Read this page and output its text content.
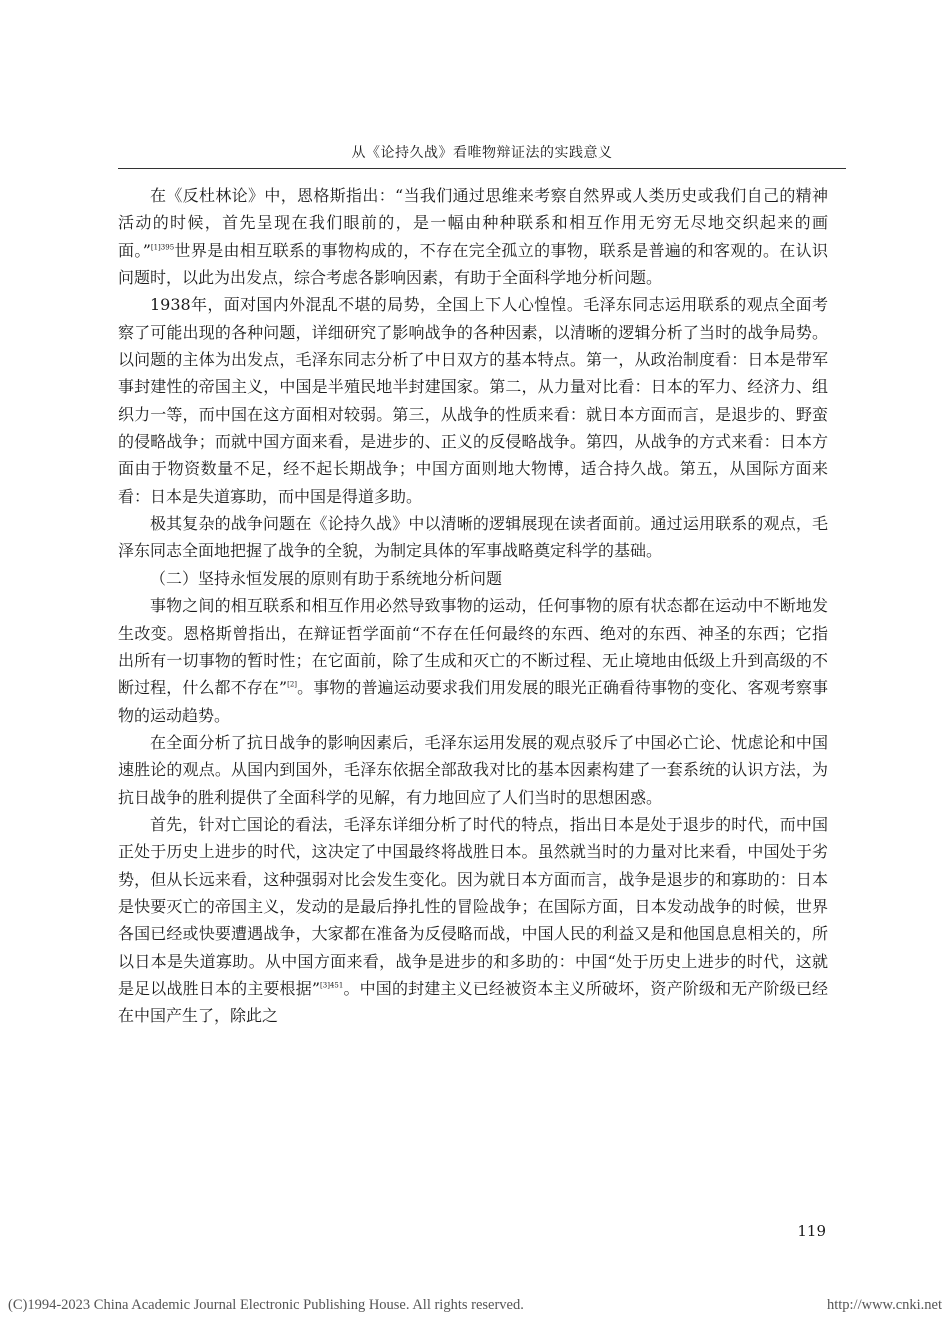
从《论持久战》看唯物辩证法的实践意义

在《反杜林论》中，恩格斯指出：“当我们通过思维来考察自然界或人类历史或我们自己的精神活动的时候，首先呈现在我们眼前的，是一幅由种种联系和相互作用无穷无尽地交织起来的画面。”$^{[1]395}$世界是由相互联系的事物构成的，不存在完全孤立的事物，联系是普遍的和客观的。在认识问题时，以此为出发点，综合考虑各影响因素，有助于全面科学地分析问题。

1938年，面对国内外混乱不堪的局势，全国上下人心惶惶。毛泽东同志运用联系的观点全面考察了可能出现的各种问题，详细研究了影响战争的各种因素，以清晰的逻辑分析了当时的战争局势。以问题的主体为出发点，毛泽东同志分析了中日双方的基本特点。第一，从政治制度看：日本是带军事封建性的帝国主义，中国是半殖民地半封建国家。第二，从力量对比看：日本的军力、经济力、组织力一等，而中国在这方面相对较弱。第三，从战争的性质来看：就日本方面而言，是退步的、野蛮的侵略战争；而就中国方面来看，是进步的、正义的反侵略战争。第四，从战争的方式来看：日本方面由于物资数量不足，经不起长期战争；中国方面则地大物博，适合持久战。第五，从国际方面来看：日本是失道寡助，而中国是得道多助。

极其复杂的战争问题在《论持久战》中以清晰的逻辑展现在读者面前。通过运用联系的观点，毛泽东同志全面地把握了战争的全貌，为制定具体的军事战略奠定科学的基础。

（二）坚持永恒发展的原则有助于系统地分析问题

事物之间的相互联系和相互作用必然导致事物的运动，任何事物的原有状态都在运动中不断地发生改变。恩格斯曾指出，在辩证哲学面前“不存在任何最终的东西、绝对的东西、神圣的东西；它指出所有一切事物的暂时性；在它面前，除了生成和灭亡的不断过程、无止境地由低级上升到高级的不断过程，什么都不存在”[2]。事物的普遍运动要求我们用发展的眼光正确看待事物的变化、客观考察事物的运动趋势。

在全面分析了抗日战争的影响因素后，毛泽东运用发展的观点驳斥了中国必亡论、忧虑论和中国速胜论的观点。从国内到国外，毛泽东依据全部敌我对比的基本因素构建了一套系统的认识方法，为抗日战争的胜利提供了全面科学的见解，有力地回应了人们当时的思想困惑。

首先，针对亡国论的看法，毛泽东详细分析了时代的特点，指出日本是处于退步的时代，而中国正处于历史上进步的时代，这决定了中国最终将战胜日本。虽然就当时的力量对比来看，中国处于劣势，但从长远来看，这种强弱对比会发生变化。因为就日本方面而言，战争是退步的和寡助的：日本是快要灭亡的帝国主义，发动的是最后挣扎性的冒险战争；在国际方面，日本发动战争的时候，世界各国已经或快要遭遇战争，大家都在准备为反侵略而战，中国人民的利益又是和他国息息相关的，所以日本是失道寡助。从中国方面来看，战争是进步的和多助的：中国“处于历史上进步的时代，这就是足以战胜日本的主要根据”$^{[3]451}$。中国的封建主义已经被资本主义所破坏，资产阶级和无产阶级已经在中国产生了，除此之

119
(C)1994-2023 China Academic Journal Electronic Publishing House. All rights reserved.	http://www.cnki.net
